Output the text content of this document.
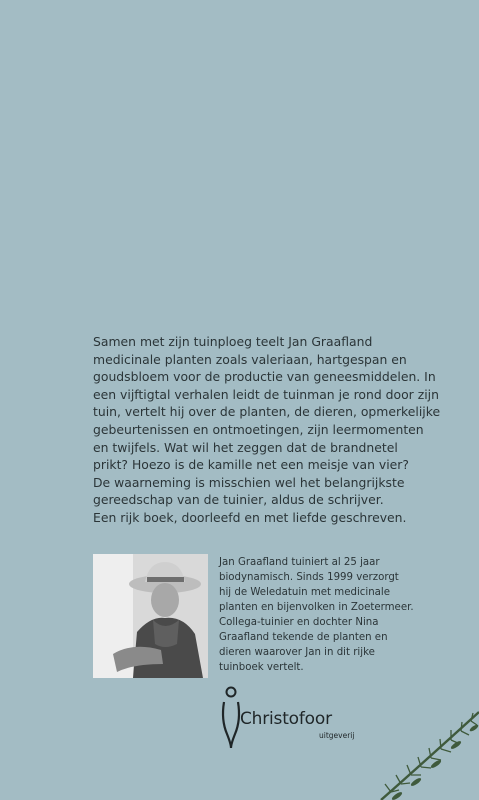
Samen met zijn tuinploeg teelt Jan Graafland
medicinale planten zoals valeriaan, hartgespan en
goudsbloem voor de productie van geneesmiddelen. In
een vijftigtal verhalen leidt de tuinman je rond door zijn
tuin, vertelt hij over de planten, de dieren, opmerkelijke
gebeurtenissen en ontmoetingen, zijn leermomenten
en twijfels. Wat wil het zeggen dat de brandnetel
prikt? Hoezo is de kamille net een meisje van vier?
De waarneming is misschien wel het belangrijkste
gereedschap van de tuinier, aldus de schrijver.
Een rijk boek, doorleefd en met liefde geschreven.

Jan Graafland tuiniert al 25 jaar
biodynamisch. Sinds 1999 verzorgt
hij de Weledatuin met medicinale
planten en bijenvolken in Zoetermeer.
Collega-tuinier en dochter Nina
Graafland tekende de planten en
dieren waarover Jan in dit rijke
tuinboek vertelt.

Christofoor
uitgeverij
